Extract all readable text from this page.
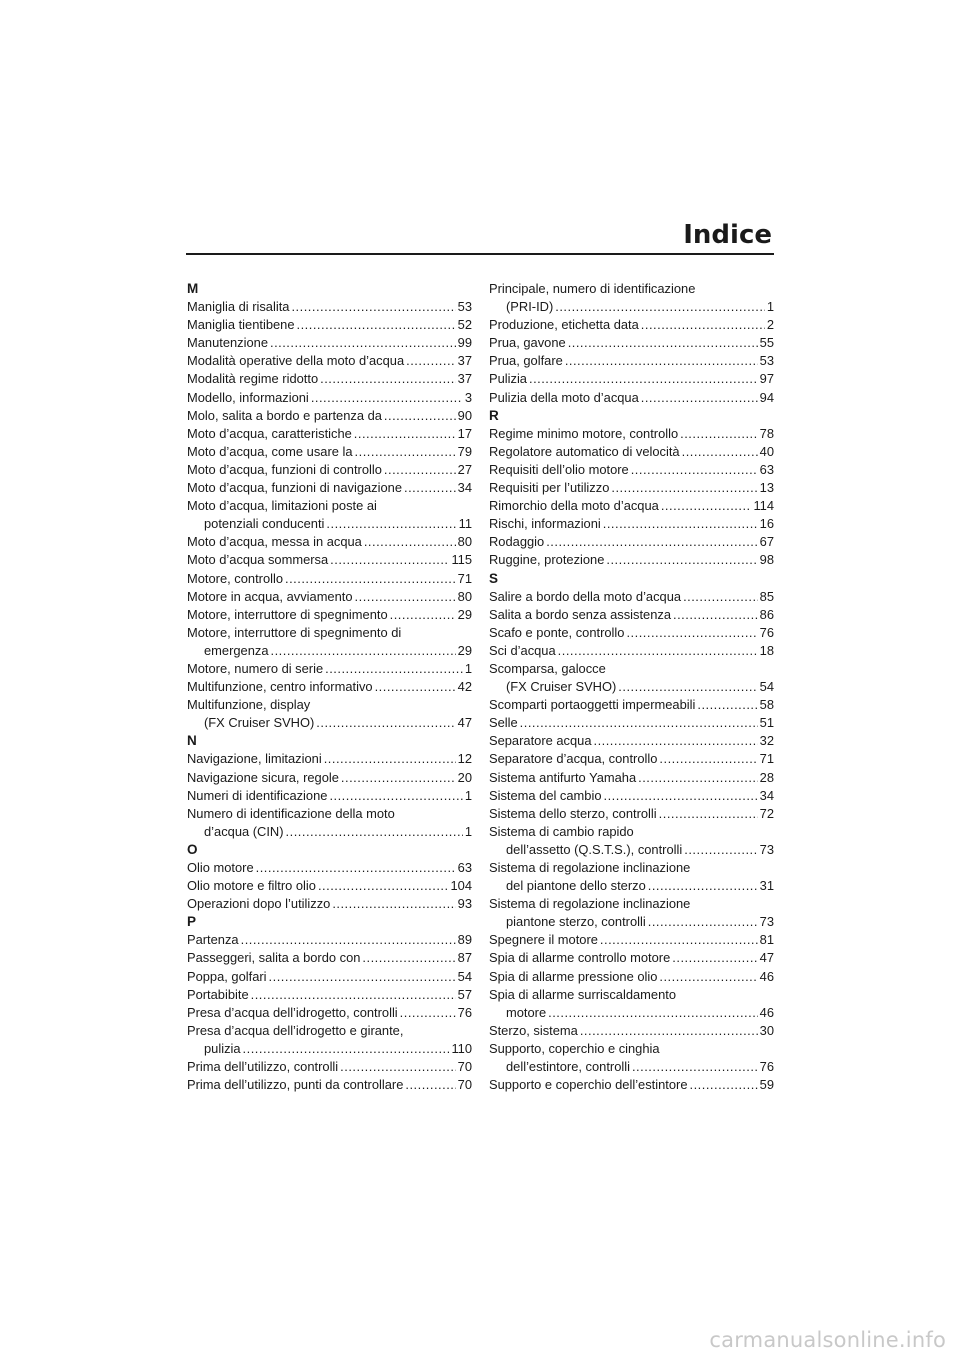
Indice
M
Maniglia di risalita .....	53
Maniglia tientibene .....	52
Manutenzione .....	99
Modalità operative della moto d’acqua .....	37
Modalità regime ridotto .....	37
Modello, informazioni .....	3
Molo, salita a bordo e partenza da .....	90
Moto d’acqua, caratteristiche .....	17
Moto d’acqua, come usare la .....	79
Moto d’acqua, funzioni di controllo .....	27
Moto d’acqua, funzioni di navigazione .....	34
Moto d’acqua, limitazioni poste ai
potenziali conducenti .....	11
Moto d’acqua, messa in acqua .....	80
Moto d’acqua sommersa .....	115
Motore, controllo .....	71
Motore in acqua, avviamento .....	80
Motore, interruttore di spegnimento .....	29
Motore, interruttore di spegnimento di
emergenza .....	29
Motore, numero di serie .....	1
Multifunzione, centro informativo .....	42
Multifunzione, display
(FX Cruiser SVHO) .....	47
N
Navigazione, limitazioni .....	12
Navigazione sicura, regole .....	20
Numeri di identificazione .....	1
Numero di identificazione della moto
d’acqua (CIN) .....	1
O
Olio motore .....	63
Olio motore e filtro olio .....	104
Operazioni dopo l’utilizzo .....	93
P
Partenza .....	89
Passeggeri, salita a bordo con .....	87
Poppa, golfari .....	54
Portabibite .....	57
Presa d’acqua dell’idrogetto, controlli .....	76
Presa d’acqua dell’idrogetto e girante,
pulizia .....	110
Prima dell’utilizzo, controlli .....	70
Prima dell’utilizzo, punti da controllare .....	70
Principale, numero di identificazione
(PRI-ID) .....	1
Produzione, etichetta data .....	2
Prua, gavone .....	55
Prua, golfare .....	53
Pulizia .....	97
Pulizia della moto d’acqua .....	94
R
Regime minimo motore, controllo .....	78
Regolatore automatico di velocità .....	40
Requisiti dell’olio motore .....	63
Requisiti per l’utilizzo .....	13
Rimorchio della moto d’acqua .....	114
Rischi, informazioni .....	16
Rodaggio .....	67
Ruggine, protezione .....	98
S
Salire a bordo della moto d’acqua .....	85
Salita a bordo senza assistenza .....	86
Scafo e ponte, controllo .....	76
Sci d’acqua .....	18
Scomparsa, galocce
(FX Cruiser SVHO) .....	54
Scomparti portaoggetti impermeabili .....	58
Selle .....	51
Separatore acqua .....	32
Separatore d’acqua, controllo .....	71
Sistema antifurto Yamaha .....	28
Sistema del cambio .....	34
Sistema dello sterzo, controlli .....	72
Sistema di cambio rapido
dell’assetto (Q.S.T.S.), controlli .....	73
Sistema di regolazione inclinazione
del piantone dello sterzo .....	31
Sistema di regolazione inclinazione
piantone sterzo, controlli .....	73
Spegnere il motore .....	81
Spia di allarme controllo motore .....	47
Spia di allarme pressione olio .....	46
Spia di allarme surriscaldamento
motore .....	46
Sterzo, sistema .....	30
Supporto, coperchio e cinghia
dell’estintore, controlli .....	76
Supporto e coperchio dell’estintore .....	59
carmanualsonline.info
